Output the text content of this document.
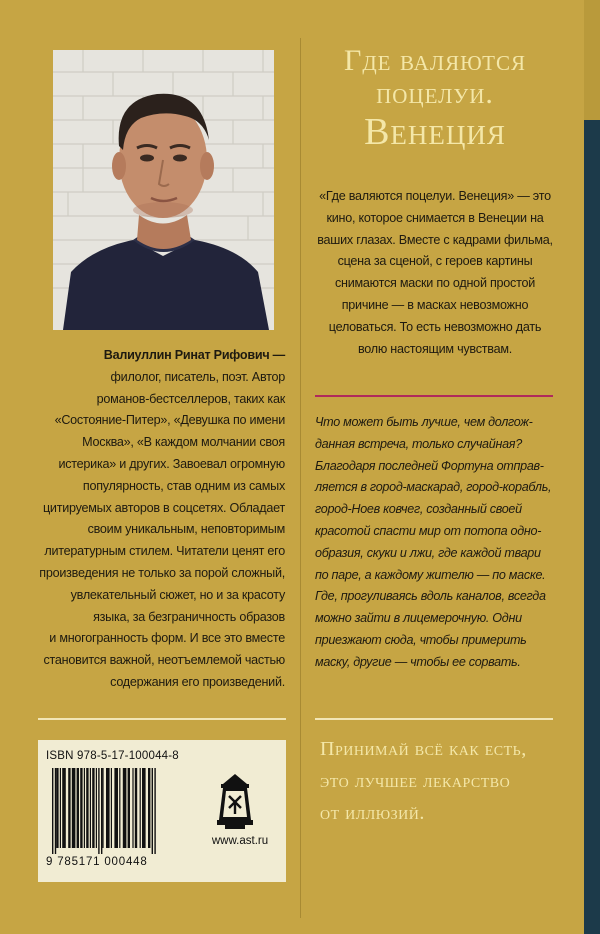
Валиуллин Ринат Рифович —
филолог, писатель, поэт. Автор
романов-бестселлеров, таких как
«Состояние-Питер», «Девушка по имени
Москва», «В каждом молчании своя
истерика» и других. Завоевал огромную
популярность, став одним из самых
цитируемых авторов в соцсетях. Обладает
своим уникальным, неповторимым
литературным стилем. Читатели ценят его
произведения не только за порой сложный,
увлекательный сюжет, но и за красоту
языка, за безграничность образов
и многогранность форм. И все это вместе
становится важной, неотъемлемой частью
содержания его произведений.
ISBN 978-5-17-100044-8
9 785171 000448
www.ast.ru
Где валяются
поцелуи.
Венеция
«Где валяются поцелуи. Венеция» — это
кино, которое снимается в Венеции на
ваших глазах. Вместе с кадрами фильма,
сцена за сценой, с героев картины
снимаются маски по одной простой
причине — в масках невозможно
целоваться. То есть невозможно дать
волю настоящим чувствам.
Что может быть лучше, чем долгож-
данная встреча, только случайная?
Благодаря последней Фортуна отправ-
ляется в город-маскарад, город-корабль,
город-Ноев ковчег, созданный своей
красотой спасти мир от потопа одно-
образия, скуки и лжи, где каждой твари
по паре, а каждому жителю — по маске.
Где, прогуливаясь вдоль каналов, всегда
можно зайти в лицемерочную. Одни
приезжают сюда, чтобы примерить
маску, другие — чтобы ее сорвать.
Принимай всё как есть,
это лучшее лекарство
от иллюзий.
